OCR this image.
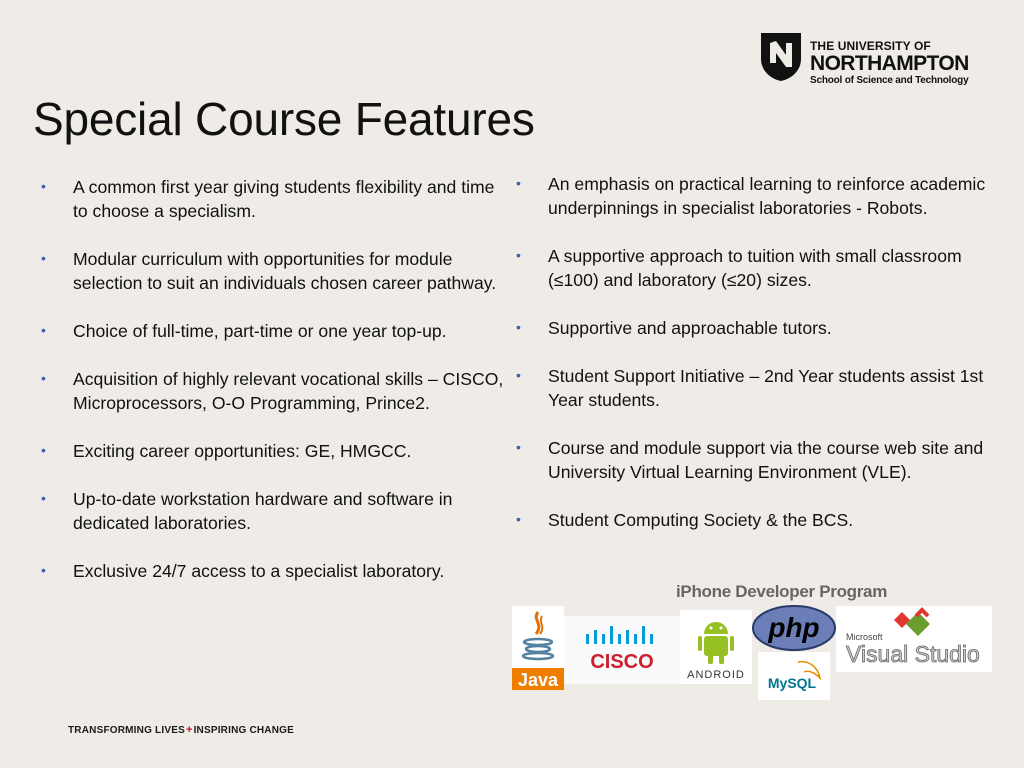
THE UNIVERSITY OF
NORTHAMPTON
School of Science and Technology
Special Course Features
•	A common first year giving students flexibility and time to choose a specialism.
•	Modular curriculum with opportunities for module selection to suit an individuals chosen career pathway.
•	Choice of full-time, part-time or one year top-up.
•	Acquisition of highly relevant vocational skills – CISCO, Microprocessors, O-O Programming, Prince2.
•	Exciting career opportunities: GE, HMGCC.
•	Up-to-date workstation hardware and software in dedicated laboratories.
•	Exclusive 24/7 access to a specialist laboratory.
•	An emphasis on practical learning to reinforce academic underpinnings in specialist laboratories - Robots.
•	A supportive approach to tuition with small classroom (≤100) and laboratory (≤20) sizes.
•	Supportive and approachable tutors.
•	Student Support Initiative – 2nd Year students assist 1st Year students.
•	Course and module support via the course web site and University Virtual Learning Environment (VLE).
•	Student Computing Society & the BCS.
iPhone Developer Program
Java
CISCO
ANDROID
php
MySQL
Microsoft
Visual Studio

TRANSFORMING LIVES+INSPIRING CHANGE
